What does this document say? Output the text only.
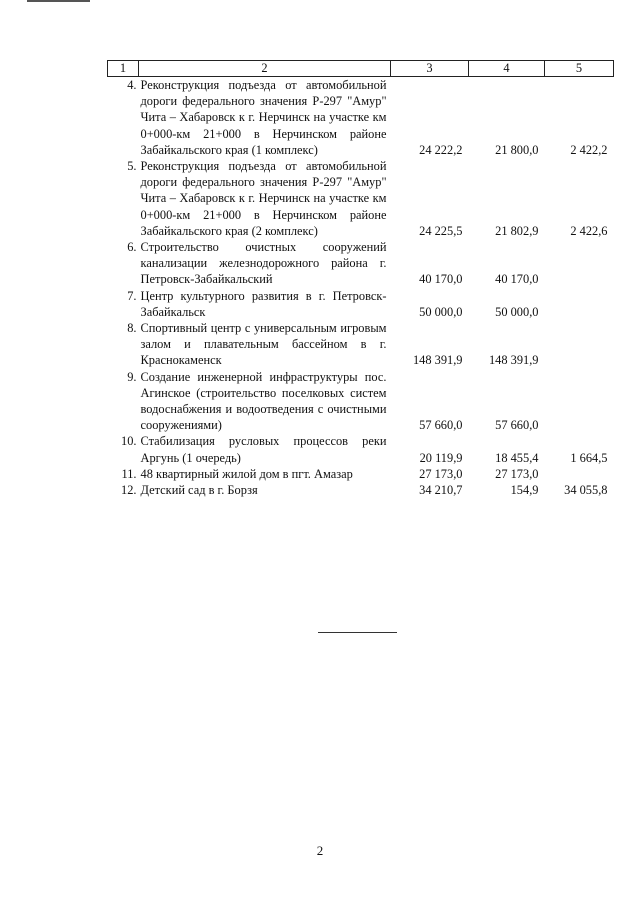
1	2	3	4	5
4.	Реконструкция подъезда от автомобильной дороги федерального значения Р-297 "Амур" Чита – Хабаровск к г. Нерчинск на участке км 0+000-км 21+000 в Нерчинском районе Забайкальского края (1 комплекс)	24 222,2	21 800,0	2 422,2
5.	Реконструкция подъезда от автомобильной дороги федерального значения Р-297 "Амур" Чита – Хабаровск к г. Нерчинск на участке км 0+000-км 21+000 в Нерчинском районе Забайкальского края (2 комплекс)	24 225,5	21 802,9	2 422,6
6.	Строительство очистных сооружений канализации железнодорожного района г. Петровск-Забайкальский	40 170,0	40 170,0	
7.	Центр культурного развития в г. Петровск-Забайкальск	50 000,0	50 000,0	
8.	Спортивный центр с универсальным игровым залом и плавательным бассейном в г. Краснокаменск	148 391,9	148 391,9	
9.	Создание инженерной инфраструктуры пос. Агинское (строительство поселковых систем водоснабжения и водоотведения с очистными сооружениями)	57 660,0	57 660,0	
10.	Стабилизация русловых процессов реки Аргунь (1 очередь)	20 119,9	18 455,4	1 664,5
11.	48 квартирный жилой дом в пгт. Амазар	27 173,0	27 173,0	
12.	Детский сад в г. Борзя	34 210,7	154,9	34 055,8
2
